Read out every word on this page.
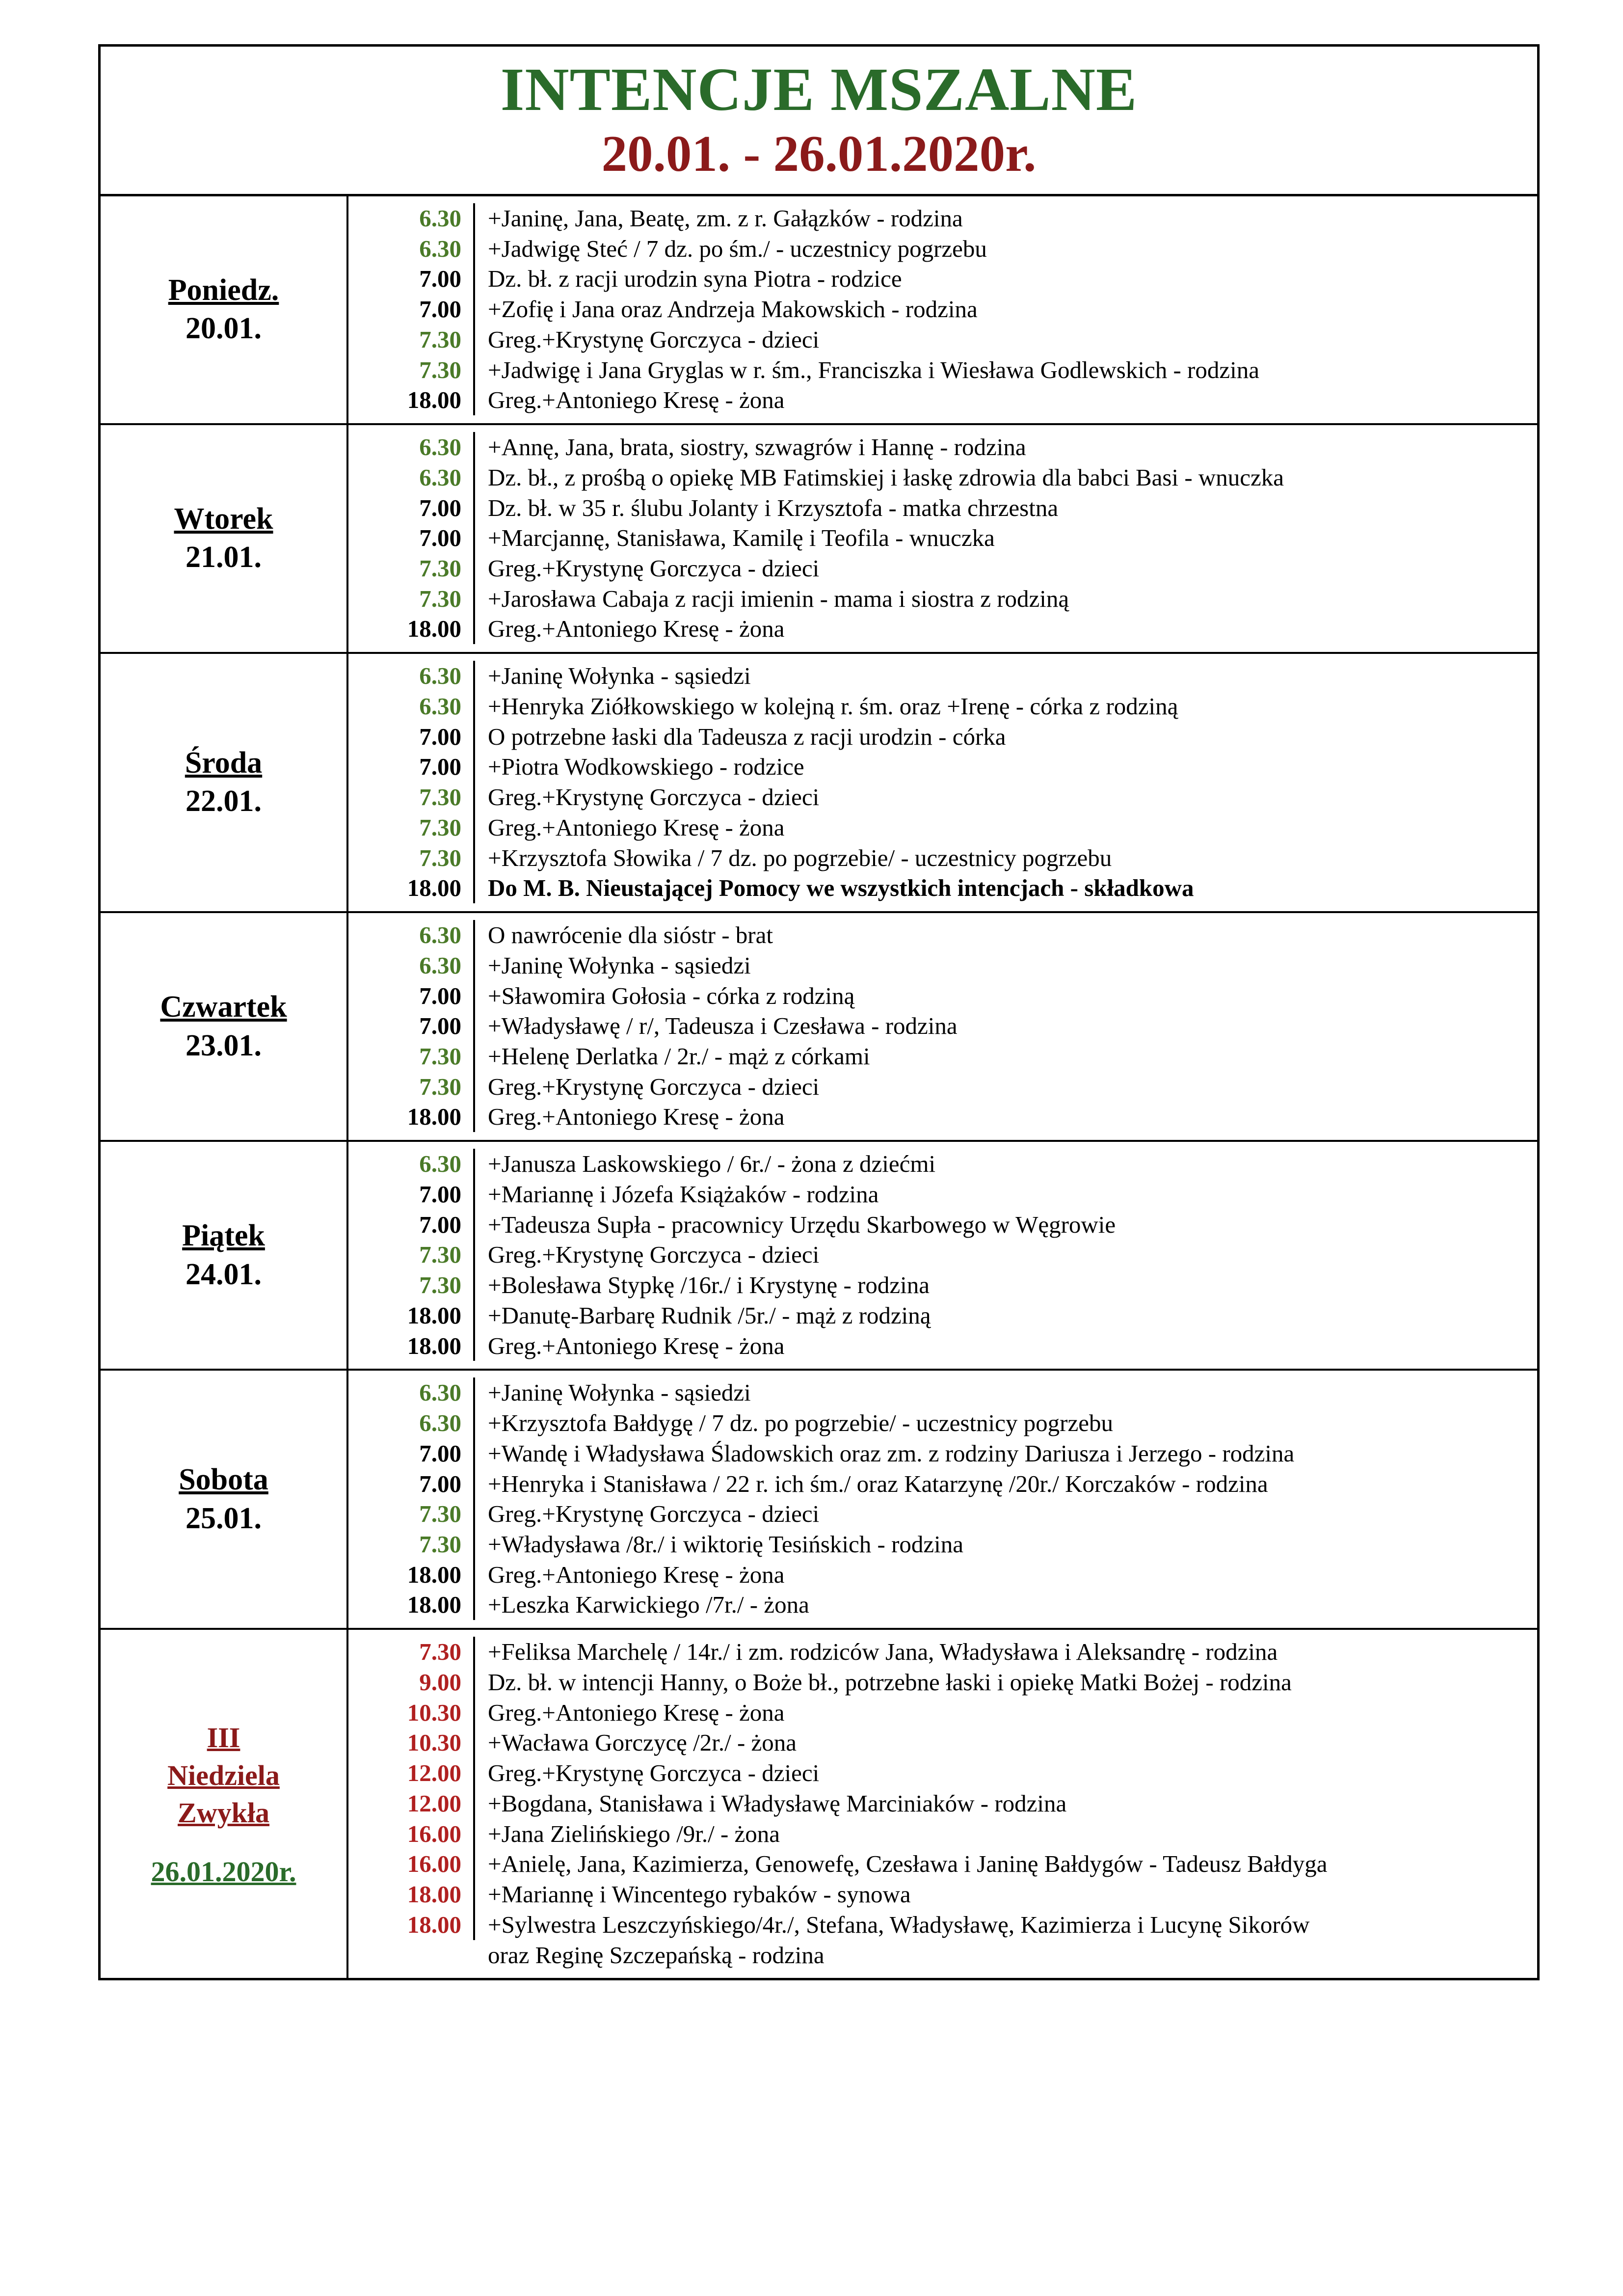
INTENCJE MSZALNE
20.01. - 26.01.2020r.
Poniedz.
20.01.
6.30	+Janinę, Jana, Beatę, zm. z r. Gałązków - rodzina
6.30	+Jadwigę Steć / 7 dz. po śm./ - uczestnicy pogrzebu
7.00	Dz. bł. z racji urodzin syna Piotra - rodzice
7.00	+Zofię i Jana oraz Andrzeja Makowskich - rodzina
7.30	Greg.+Krystynę Gorczyca - dzieci
7.30	+Jadwigę i Jana Gryglas w r. śm., Franciszka i Wiesława Godlewskich - rodzina
18.00	Greg.+Antoniego Kresę - żona
Wtorek
21.01.
6.30	+Annę, Jana, brata, siostry, szwagrów i Hannę - rodzina
6.30	Dz. bł., z prośbą o opiekę MB Fatimskiej i łaskę zdrowia dla babci Basi - wnuczka
7.00	Dz. bł. w 35 r. ślubu Jolanty i Krzysztofa - matka chrzestna
7.00	+Marcjannę, Stanisława, Kamilę i Teofila - wnuczka
7.30	Greg.+Krystynę Gorczyca - dzieci
7.30	+Jarosława Cabaja z racji imienin - mama i siostra z rodziną
18.00	Greg.+Antoniego Kresę - żona
Środa
22.01.
6.30	+Janinę Wołynka - sąsiedzi
6.30	+Henryka Ziółkowskiego w kolejną r. śm. oraz +Irenę - córka z rodziną
7.00	O potrzebne łaski dla Tadeusza z racji urodzin - córka
7.00	+Piotra Wodkowskiego - rodzice
7.30	Greg.+Krystynę Gorczyca - dzieci
7.30	Greg.+Antoniego Kresę - żona
7.30	+Krzysztofa Słowika / 7 dz. po pogrzebie/ - uczestnicy pogrzebu
18.00	Do M. B. Nieustającej Pomocy we wszystkich intencjach - składkowa
Czwartek
23.01.
6.30	O nawrócenie dla sióstr - brat
6.30	+Janinę Wołynka - sąsiedzi
7.00	+Sławomira Gołosia - córka z rodziną
7.00	+Władysławę / r/, Tadeusza i Czesława - rodzina
7.30	+Helenę Derlatka / 2r./ - mąż z córkami
7.30	Greg.+Krystynę Gorczyca - dzieci
18.00	Greg.+Antoniego Kresę - żona
Piątek
24.01.
6.30	+Janusza Laskowskiego / 6r./ - żona z dziećmi
7.00	+Mariannę i Józefa Książaków - rodzina
7.00	+Tadeusza Supła - pracownicy Urzędu Skarbowego w Węgrowie
7.30	Greg.+Krystynę Gorczyca - dzieci
7.30	+Bolesława Stypkę /16r./ i Krystynę - rodzina
18.00	+Danutę-Barbarę Rudnik /5r./ - mąż z rodziną
18.00	Greg.+Antoniego Kresę - żona
Sobota
25.01.
6.30	+Janinę Wołynka - sąsiedzi
6.30	+Krzysztofa Bałdygę / 7 dz. po pogrzebie/ - uczestnicy pogrzebu
7.00	+Wandę i Władysława Śladowskich oraz zm. z rodziny Dariusza i Jerzego - rodzina
7.00	+Henryka i Stanisława / 22 r. ich śm./ oraz Katarzynę /20r./ Korczaków - rodzina
7.30	Greg.+Krystynę Gorczyca - dzieci
7.30	+Władysława /8r./ i wiktorię Tesińskich - rodzina
18.00	Greg.+Antoniego Kresę - żona
18.00	+Leszka Karwickiego /7r./ - żona
III
Niedziela
Zwykła
26.01.2020r.
7.30	+Feliksa Marchelę / 14r./ i zm. rodziców Jana, Władysława i Aleksandrę - rodzina
9.00	Dz. bł. w intencji Hanny, o Boże bł., potrzebne łaski i opiekę Matki Bożej - rodzina
10.30	Greg.+Antoniego Kresę - żona
10.30	+Wacława Gorczycę /2r./ - żona
12.00	Greg.+Krystynę Gorczyca - dzieci
12.00	+Bogdana, Stanisława i Władysławę Marciniaków - rodzina
16.00	+Jana Zielińskiego /9r./ - żona
16.00	+Anielę, Jana, Kazimierza, Genowefę, Czesława i Janinę Bałdygów - Tadeusz Bałdyga
18.00	+Mariannę i Wincentego rybaków - synowa
18.00	+Sylwestra Leszczyńskiego/4r./, Stefana, Władysławę, Kazimierza i Lucynę Sikorów
oraz Reginę Szczepańską - rodzina
